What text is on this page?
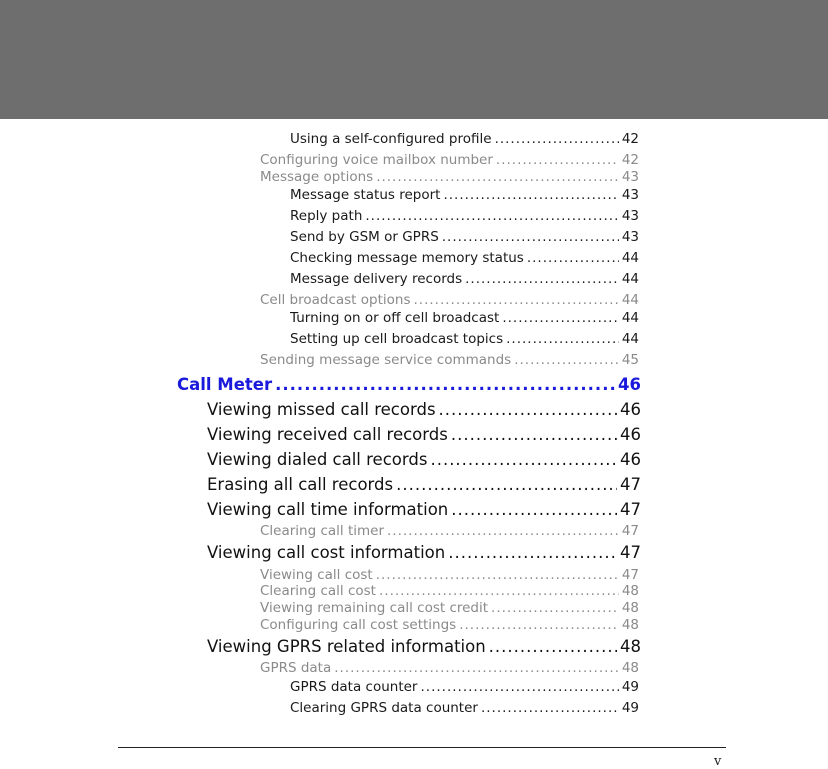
Using a self-configured profile .....	42
Configuring voice mailbox number .....	42
Message options .....	43
Message status report .....	43
Reply path .....	43
Send by GSM or GPRS .....	43
Checking message memory status .....	44
Message delivery records .....	44
Cell broadcast options .....	44
Turning on or off cell broadcast .....	44
Setting up cell broadcast topics .....	44
Sending message service commands .....	45
Call Meter .....	46
Viewing missed call records .....	46
Viewing received call records .....	46
Viewing dialed call records .....	46
Erasing all call records .....	47
Viewing call time information .....	47
Clearing call timer .....	47
Viewing call cost information .....	47
Viewing call cost .....	47
Clearing call cost .....	48
Viewing remaining call cost credit .....	48
Configuring call cost settings .....	48
Viewing GPRS related information .....	48
GPRS data .....	48
GPRS data counter .....	49
Clearing GPRS data counter .....	49
v
